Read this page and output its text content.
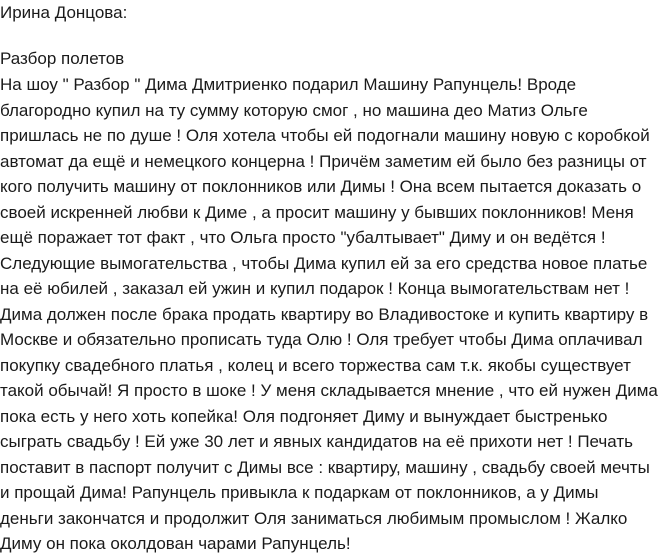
Ирина Донцова:
Разбор полетов
На шоу " Разбор " Дима Дмитриенко подарил Машину Рапунцель! Вроде
благородно купил на ту сумму которую смог , но машина део Матиз Ольге
пришлась не по душе ! Оля хотела чтобы ей подогнали машину новую с коробкой
автомат да ещё и немецкого концерна ! Причём заметим ей было без разницы от
кого получить машину от поклонников или Димы ! Она всем пытается доказать о
своей искренней любви к Диме , а просит машину у бывших поклонников! Меня
ещё поражает тот факт , что Ольга просто "убалтывает" Диму и он ведётся !
Следующие вымогательства , чтобы Дима купил ей за его средства новое платье
на её юбилей , заказал ей ужин и купил подарок ! Конца вымогательствам нет !
Дима должен после брака продать квартиру во Владивостоке и купить квартиру в
Москве и обязательно прописать туда Олю ! Оля требует чтобы Дима оплачивал
покупку свадебного платья , колец и всего торжества сам т.к. якобы существует
такой обычай! Я просто в шоке ! У меня складывается мнение , что ей нужен Дима
пока есть у него хоть копейка! Оля подгоняет Диму и вынуждает быстренько
сыграть свадьбу ! Ей уже 30 лет и явных кандидатов на её прихоти нет ! Печать
поставит в паспорт получит с Димы все : квартиру, машину , свадьбу своей мечты
и прощай Дима! Рапунцель привыкла к подаркам от поклонников, а у Димы
деньги закончатся и продолжит Оля заниматься любимым промыслом ! Жалко
Диму он пока околдован чарами Рапунцель!
